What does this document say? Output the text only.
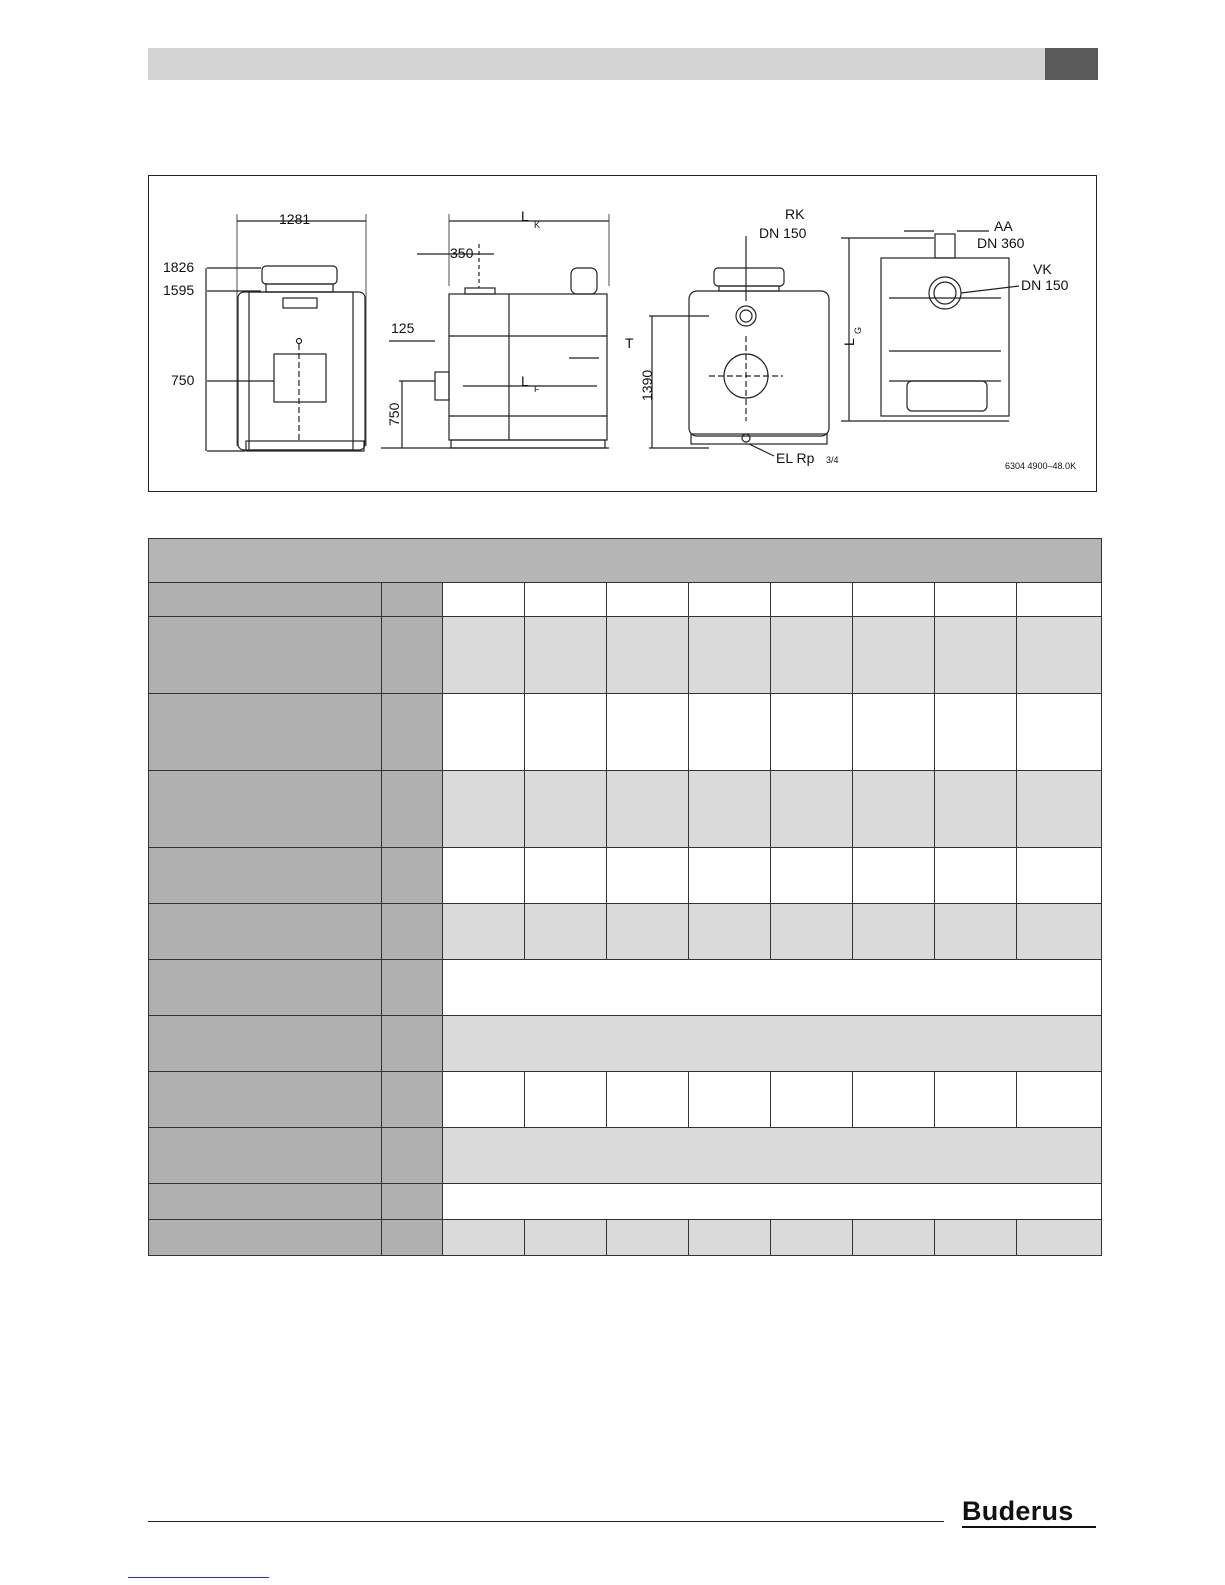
1281
1826
1595
750
L
K
350
125
L F
T
750
1390
RK
DN 150
EL Rp 3/4
AA
DN 360
VK
DN 150
L
G
6304 4900–48.0K

Buderus
